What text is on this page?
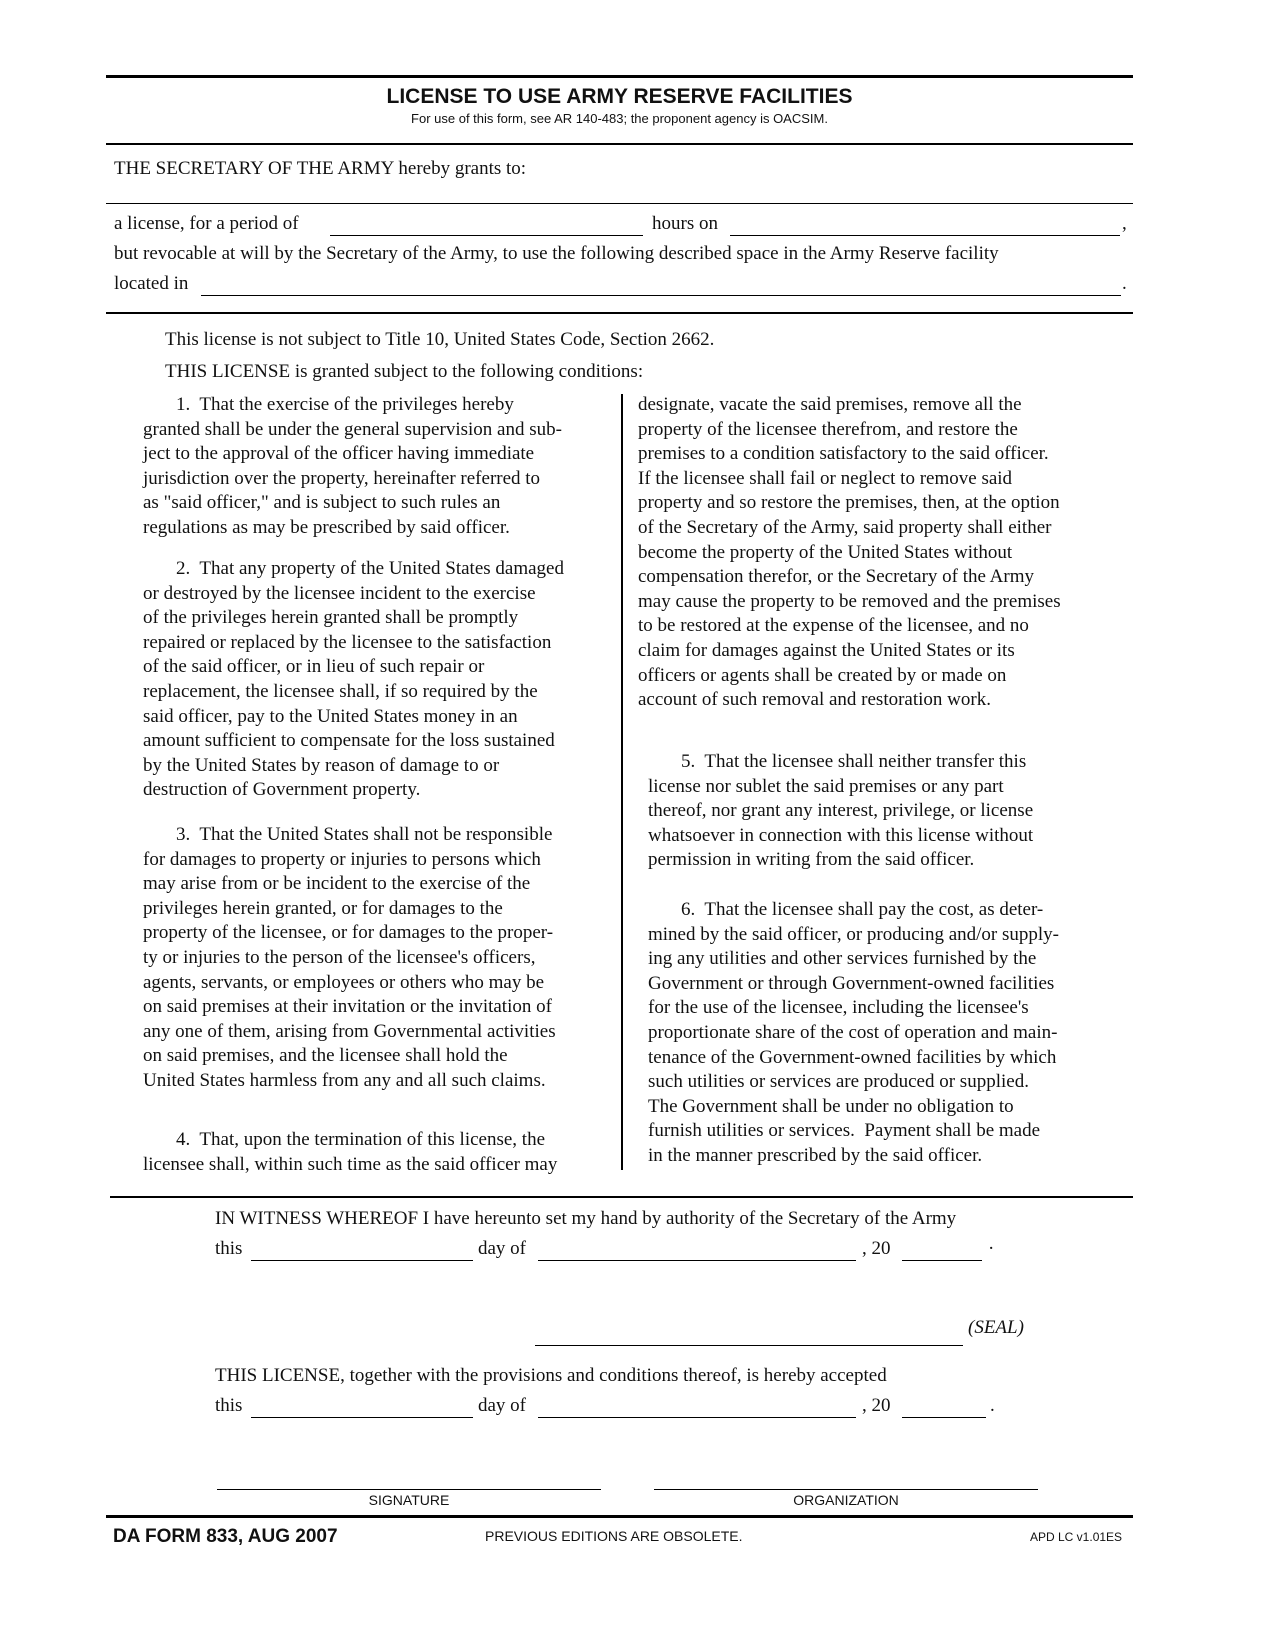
LICENSE TO USE ARMY RESERVE FACILITIES
For use of this form, see AR 140-483; the proponent agency is OACSIM.
THE SECRETARY OF THE ARMY hereby grants to:
a license, for a period of	hours on	,
but revocable at will by the Secretary of the Army, to use the following described space in the Army Reserve facility
located in	.
This license is not subject to Title 10, United States Code, Section 2662.
THIS LICENSE is granted subject to the following conditions:

1.  That the exercise of the privileges hereby
granted shall be under the general supervision and sub-
ject to the approval of the officer having immediate
jurisdiction over the property, hereinafter referred to
as "said officer," and is subject to such rules an
regulations as may be prescribed by said officer.

2.  That any property of the United States damaged
or destroyed by the licensee incident to the exercise
of the privileges herein granted shall be promptly
repaired or replaced by the licensee to the satisfaction
of the said officer, or in lieu of such repair or
replacement, the licensee shall, if so required by the
said officer, pay to the United States money in an
amount sufficient to compensate for the loss sustained
by the United States by reason of damage to or
destruction of Government property.

3.  That the United States shall not be responsible
for damages to property or injuries to persons which
may arise from or be incident to the exercise of the
privileges herein granted, or for damages to the
property of the licensee, or for damages to the proper-
ty or injuries to the person of the licensee's officers,
agents, servants, or employees or others who may be
on said premises at their invitation or the invitation of
any one of them, arising from Governmental activities
on said premises, and the licensee shall hold the
United States harmless from any and all such claims.

4.  That, upon the termination of this license, the
licensee shall, within such time as the said officer may

designate, vacate the said premises, remove all the
property of the licensee therefrom, and restore the
premises to a condition satisfactory to the said officer.
If the licensee shall fail or neglect to remove said
property and so restore the premises, then, at the option
of the Secretary of the Army, said property shall either
become the property of the United States without
compensation therefor, or the Secretary of the Army
may cause the property to be removed and the premises
to be restored at the expense of the licensee, and no
claim for damages against the United States or its
officers or agents shall be created by or made on
account of such removal and restoration work.

5.  That the licensee shall neither transfer this
license nor sublet the said premises or any part
thereof, nor grant any interest, privilege, or license
whatsoever in connection with this license without
permission in writing from the said officer.

6.  That the licensee shall pay the cost, as deter-
mined by the said officer, or producing and/or supply-
ing any utilities and other services furnished by the
Government or through Government-owned facilities
for the use of the licensee, including the licensee's
proportionate share of the cost of operation and main-
tenance of the Government-owned facilities by which
such utilities or services are produced or supplied.
The Government shall be under no obligation to
furnish utilities or services.  Payment shall be made
in the manner prescribed by the said officer.

IN WITNESS WHEREOF I have hereunto set my hand by authority of the Secretary of the Army
this	day of	, 20	·
(SEAL)
THIS LICENSE, together with the provisions and conditions thereof, is hereby accepted
this	day of	, 20	.
SIGNATURE	ORGANIZATION
DA FORM 833, AUG 2007	PREVIOUS EDITIONS ARE OBSOLETE.	APD LC v1.01ES
